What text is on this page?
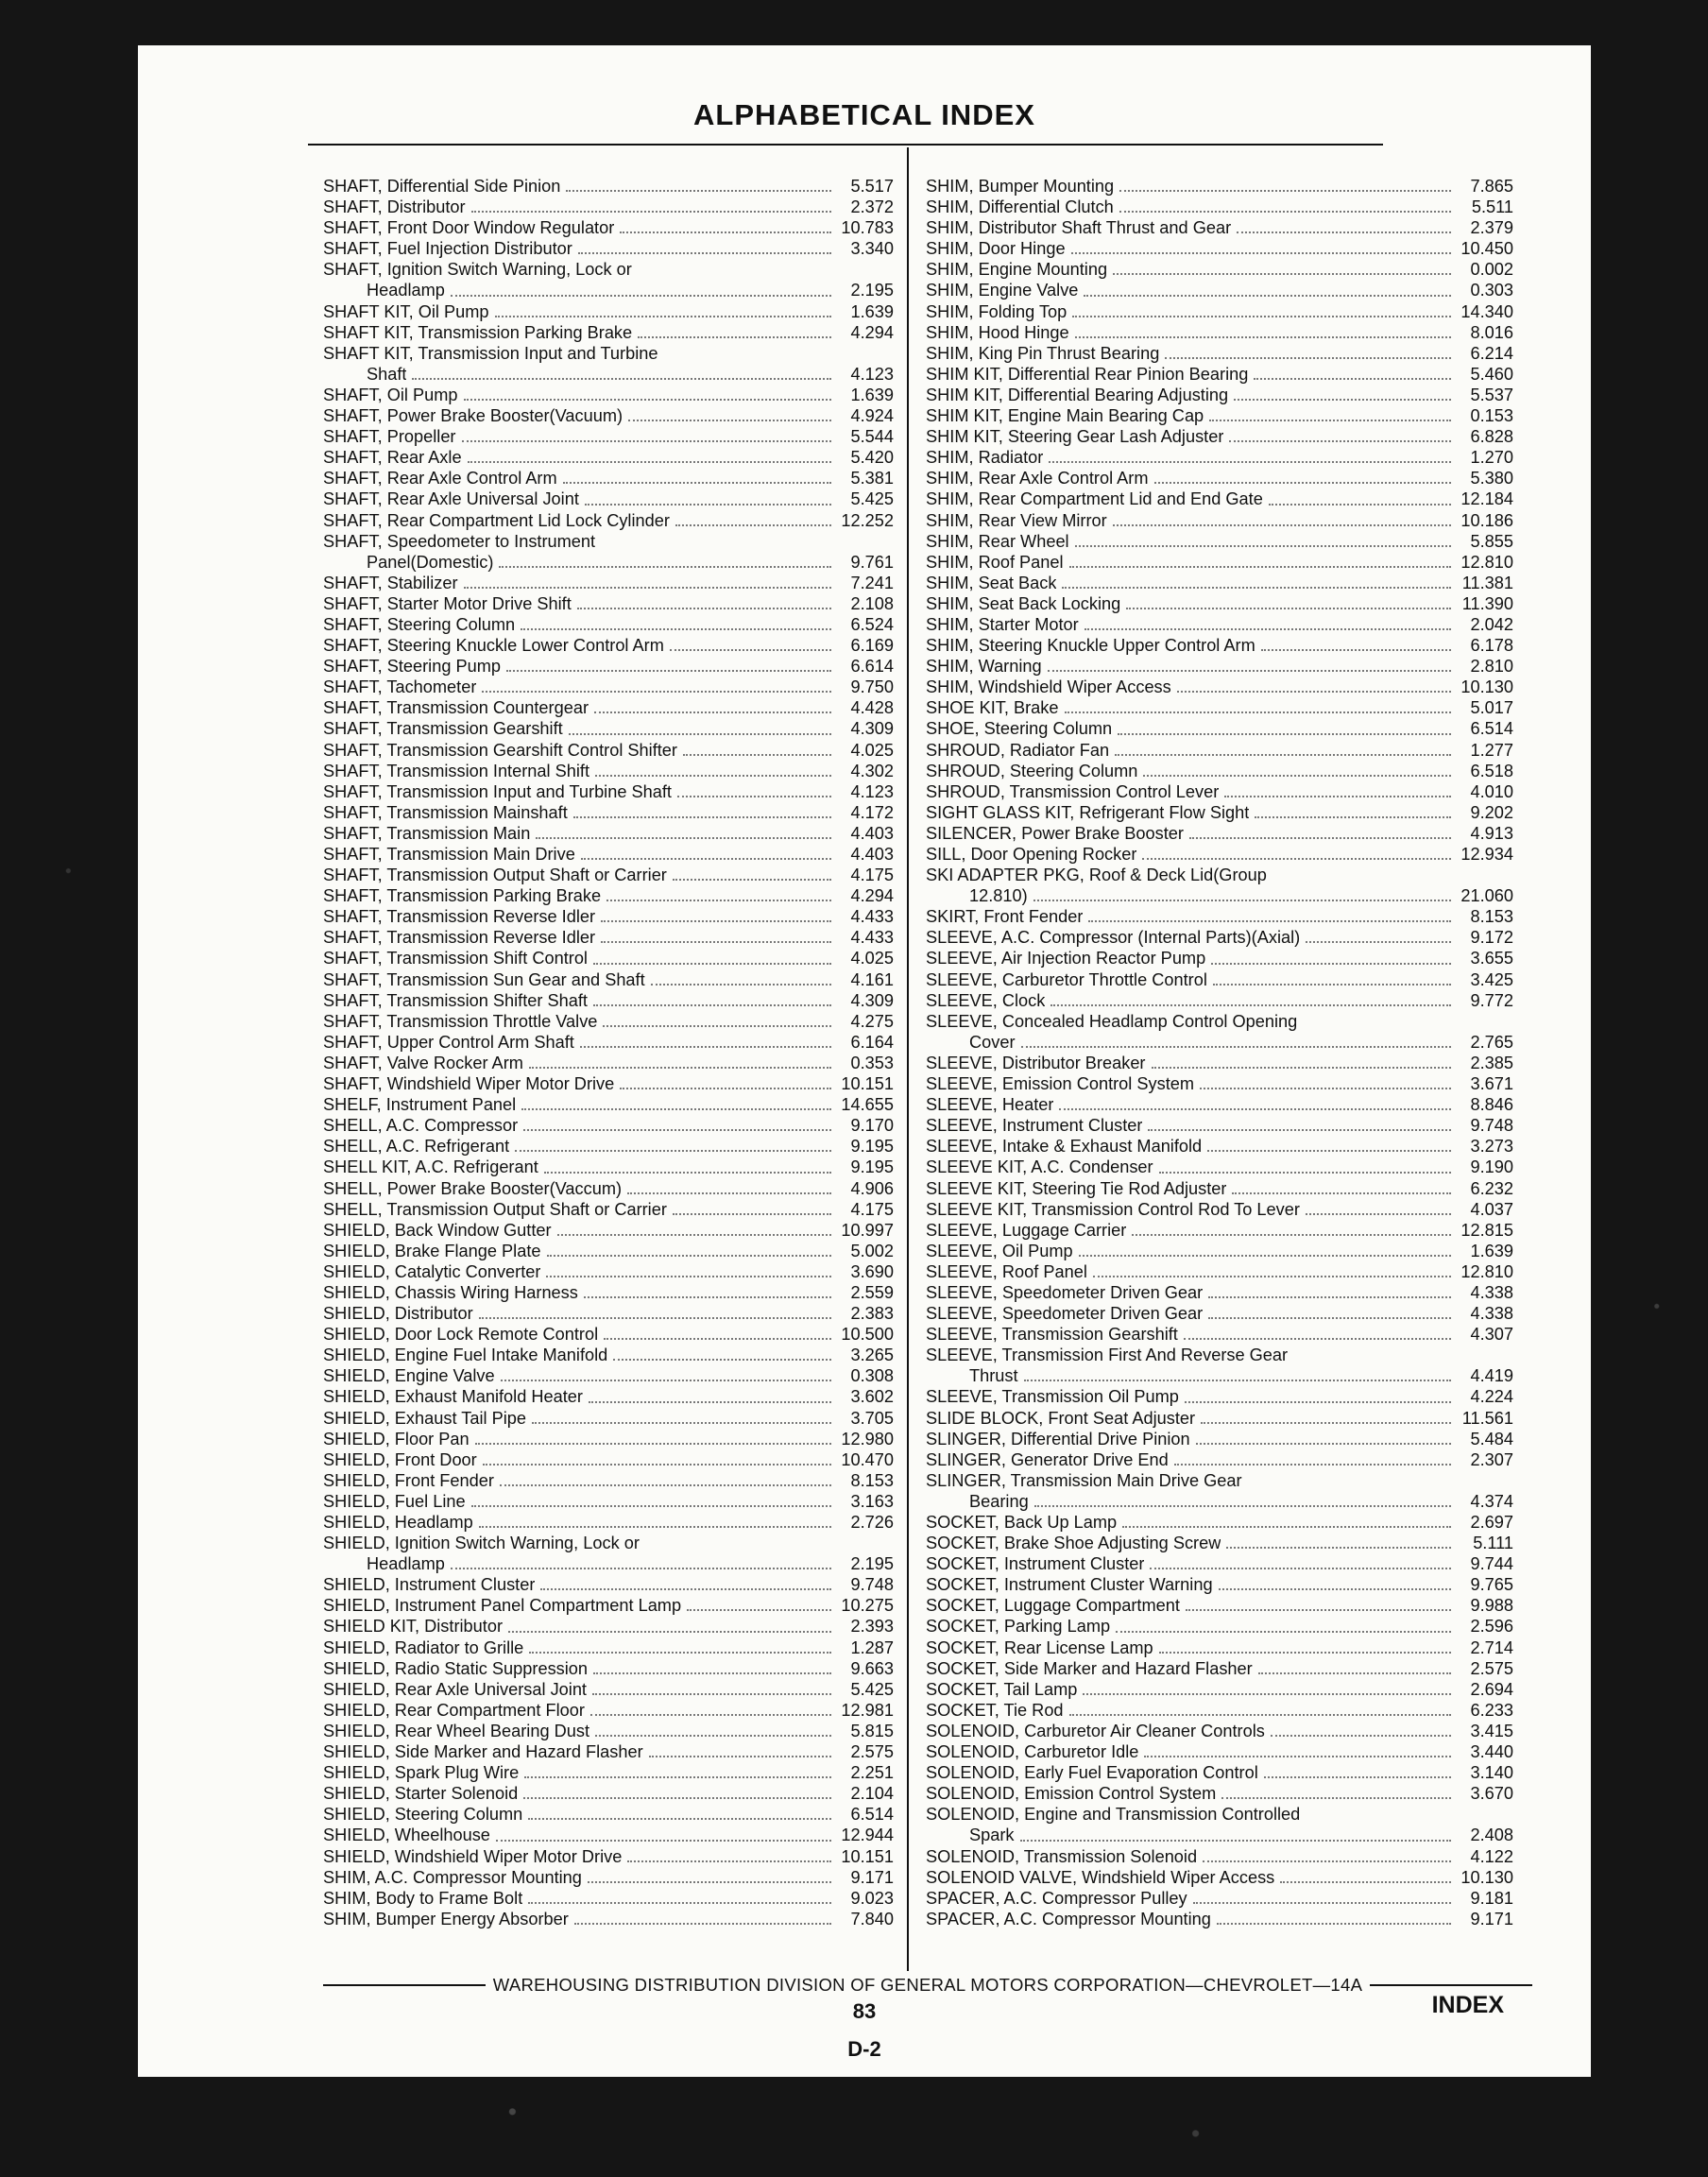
ALPHABETICAL INDEX
SHAFT, Differential Side Pinion	5.517
SHAFT, Distributor	2.372
SHAFT, Front Door Window Regulator	10.783
SHAFT, Fuel Injection Distributor	3.340
SHAFT, Ignition Switch Warning, Lock or
Headlamp	2.195
SHAFT KIT, Oil Pump	1.639
SHAFT KIT, Transmission Parking Brake	4.294
SHAFT KIT, Transmission Input and Turbine
Shaft	4.123
SHAFT, Oil Pump	1.639
SHAFT, Power Brake Booster(Vacuum)	4.924
SHAFT, Propeller	5.544
SHAFT, Rear Axle	5.420
SHAFT, Rear Axle Control Arm	5.381
SHAFT, Rear Axle Universal Joint	5.425
SHAFT, Rear Compartment Lid Lock Cylinder	12.252
SHAFT, Speedometer to Instrument
Panel(Domestic)	9.761
SHAFT, Stabilizer	7.241
SHAFT, Starter Motor Drive Shift	2.108
SHAFT, Steering Column	6.524
SHAFT, Steering Knuckle Lower Control Arm	6.169
SHAFT, Steering Pump	6.614
SHAFT, Tachometer	9.750
SHAFT, Transmission Countergear	4.428
SHAFT, Transmission Gearshift	4.309
SHAFT, Transmission Gearshift Control Shifter	4.025
SHAFT, Transmission Internal Shift	4.302
SHAFT, Transmission Input and Turbine Shaft	4.123
SHAFT, Transmission Mainshaft	4.172
SHAFT, Transmission Main	4.403
SHAFT, Transmission Main Drive	4.403
SHAFT, Transmission Output Shaft or Carrier	4.175
SHAFT, Transmission Parking Brake	4.294
SHAFT, Transmission Reverse Idler	4.433
SHAFT, Transmission Reverse Idler	4.433
SHAFT, Transmission Shift Control	4.025
SHAFT, Transmission Sun Gear and Shaft	4.161
SHAFT, Transmission Shifter Shaft	4.309
SHAFT, Transmission Throttle Valve	4.275
SHAFT, Upper Control Arm Shaft	6.164
SHAFT, Valve Rocker Arm	0.353
SHAFT, Windshield Wiper Motor Drive	10.151
SHELF, Instrument Panel	14.655
SHELL, A.C. Compressor	9.170
SHELL, A.C. Refrigerant	9.195
SHELL KIT, A.C. Refrigerant	9.195
SHELL, Power Brake Booster(Vaccum)	4.906
SHELL, Transmission Output Shaft or Carrier	4.175
SHIELD, Back Window Gutter	10.997
SHIELD, Brake Flange Plate	5.002
SHIELD, Catalytic Converter	3.690
SHIELD, Chassis Wiring Harness	2.559
SHIELD, Distributor	2.383
SHIELD, Door Lock Remote Control	10.500
SHIELD, Engine Fuel Intake Manifold	3.265
SHIELD, Engine Valve	0.308
SHIELD, Exhaust Manifold Heater	3.602
SHIELD, Exhaust Tail Pipe	3.705
SHIELD, Floor Pan	12.980
SHIELD, Front Door	10.470
SHIELD, Front Fender	8.153
SHIELD, Fuel Line	3.163
SHIELD, Headlamp	2.726
SHIELD, Ignition Switch Warning, Lock or
Headlamp	2.195
SHIELD, Instrument Cluster	9.748
SHIELD, Instrument Panel Compartment Lamp	10.275
SHIELD KIT, Distributor	2.393
SHIELD, Radiator to Grille	1.287
SHIELD, Radio Static Suppression	9.663
SHIELD, Rear Axle Universal Joint	5.425
SHIELD, Rear Compartment Floor	12.981
SHIELD, Rear Wheel Bearing Dust	5.815
SHIELD, Side Marker and Hazard Flasher	2.575
SHIELD, Spark Plug Wire	2.251
SHIELD, Starter Solenoid	2.104
SHIELD, Steering Column	6.514
SHIELD, Wheelhouse	12.944
SHIELD, Windshield Wiper Motor Drive	10.151
SHIM, A.C. Compressor Mounting	9.171
SHIM, Body to Frame Bolt	9.023
SHIM, Bumper Energy Absorber	7.840
SHIM, Bumper Mounting	7.865
SHIM, Differential Clutch	5.511
SHIM, Distributor Shaft Thrust and Gear	2.379
SHIM, Door Hinge	10.450
SHIM, Engine Mounting	0.002
SHIM, Engine Valve	0.303
SHIM, Folding Top	14.340
SHIM, Hood Hinge	8.016
SHIM, King Pin Thrust Bearing	6.214
SHIM KIT, Differential Rear Pinion Bearing	5.460
SHIM KIT, Differential Bearing Adjusting	5.537
SHIM KIT, Engine Main Bearing Cap	0.153
SHIM KIT, Steering Gear Lash Adjuster	6.828
SHIM, Radiator	1.270
SHIM, Rear Axle Control Arm	5.380
SHIM, Rear Compartment Lid and End Gate	12.184
SHIM, Rear View Mirror	10.186
SHIM, Rear Wheel	5.855
SHIM, Roof Panel	12.810
SHIM, Seat Back	11.381
SHIM, Seat Back Locking	11.390
SHIM, Starter Motor	2.042
SHIM, Steering Knuckle Upper Control Arm	6.178
SHIM, Warning	2.810
SHIM, Windshield Wiper Access	10.130
SHOE KIT, Brake	5.017
SHOE, Steering Column	6.514
SHROUD, Radiator Fan	1.277
SHROUD, Steering Column	6.518
SHROUD, Transmission Control Lever	4.010
SIGHT GLASS KIT, Refrigerant Flow Sight	9.202
SILENCER, Power Brake Booster	4.913
SILL, Door Opening Rocker	12.934
SKI ADAPTER PKG, Roof & Deck Lid(Group
12.810)	21.060
SKIRT, Front Fender	8.153
SLEEVE, A.C. Compressor (Internal Parts)(Axial)	9.172
SLEEVE, Air Injection Reactor Pump	3.655
SLEEVE, Carburetor Throttle Control	3.425
SLEEVE, Clock	9.772
SLEEVE, Concealed Headlamp Control Opening
Cover	2.765
SLEEVE, Distributor Breaker	2.385
SLEEVE, Emission Control System	3.671
SLEEVE, Heater	8.846
SLEEVE, Instrument Cluster	9.748
SLEEVE, Intake & Exhaust Manifold	3.273
SLEEVE KIT, A.C. Condenser	9.190
SLEEVE KIT, Steering Tie Rod Adjuster	6.232
SLEEVE KIT, Transmission Control Rod To Lever	4.037
SLEEVE, Luggage Carrier	12.815
SLEEVE, Oil Pump	1.639
SLEEVE, Roof Panel	12.810
SLEEVE, Speedometer Driven Gear	4.338
SLEEVE, Speedometer Driven Gear	4.338
SLEEVE, Transmission Gearshift	4.307
SLEEVE, Transmission First And Reverse Gear
Thrust	4.419
SLEEVE, Transmission Oil Pump	4.224
SLIDE BLOCK, Front Seat Adjuster	11.561
SLINGER, Differential Drive Pinion	5.484
SLINGER, Generator Drive End	2.307
SLINGER, Transmission Main Drive Gear
Bearing	4.374
SOCKET, Back Up Lamp	2.697
SOCKET, Brake Shoe Adjusting Screw	5.111
SOCKET, Instrument Cluster	9.744
SOCKET, Instrument Cluster Warning	9.765
SOCKET, Luggage Compartment	9.988
SOCKET, Parking Lamp	2.596
SOCKET, Rear License Lamp	2.714
SOCKET, Side Marker and Hazard Flasher	2.575
SOCKET, Tail Lamp	2.694
SOCKET, Tie Rod	6.233
SOLENOID, Carburetor Air Cleaner Controls	3.415
SOLENOID, Carburetor Idle	3.440
SOLENOID, Early Fuel Evaporation Control	3.140
SOLENOID, Emission Control System	3.670
SOLENOID, Engine and Transmission Controlled
Spark	2.408
SOLENOID, Transmission Solenoid	4.122
SOLENOID VALVE, Windshield Wiper Access	10.130
SPACER, A.C. Compressor Pulley	9.181
SPACER, A.C. Compressor Mounting	9.171
WAREHOUSING DISTRIBUTION DIVISION OF GENERAL MOTORS CORPORATION—CHEVROLET—14A
INDEX
83
D-2
